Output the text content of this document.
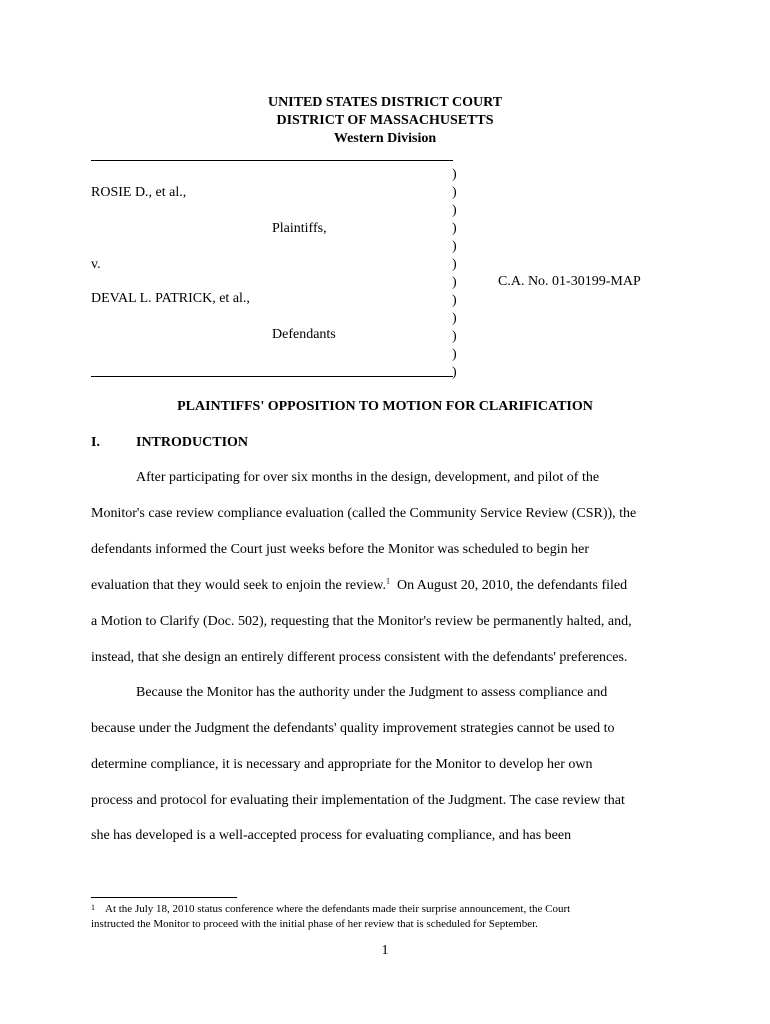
UNITED STATES DISTRICT COURT
DISTRICT OF MASSACHUSETTS
Western Division
)
)
)
)
)
)
)
)
)
)
)
)
ROSIE D., et al.,
Plaintiffs,
v.
C.A. No. 01-30199-MAP
DEVAL L. PATRICK, et al.,
Defendants
PLAINTIFFS' OPPOSITION TO MOTION FOR CLARIFICATION
I.	INTRODUCTION
After participating for over six months in the design, development, and pilot of the
Monitor's case review compliance evaluation (called the Community Service Review (CSR)), the
defendants informed the Court just weeks before the Monitor was scheduled to begin her
evaluation that they would seek to enjoin the review.$^1$  On August 20, 2010, the defendants filed
a Motion to Clarify (Doc. 502), requesting that the Monitor's review be permanently halted, and,
instead, that she design an entirely different process consistent with the defendants' preferences.
Because the Monitor has the authority under the Judgment to assess compliance and
because under the Judgment the defendants' quality improvement strategies cannot be used to
determine compliance, it is necessary and appropriate for the Monitor to develop her own
process and protocol for evaluating their implementation of the Judgment. The case review that
she has developed is a well-accepted process for evaluating compliance, and has been
1 At the July 18, 2010 status conference where the defendants made their surprise announcement, the Court
instructed the Monitor to proceed with the initial phase of her review that is scheduled for September.
1
